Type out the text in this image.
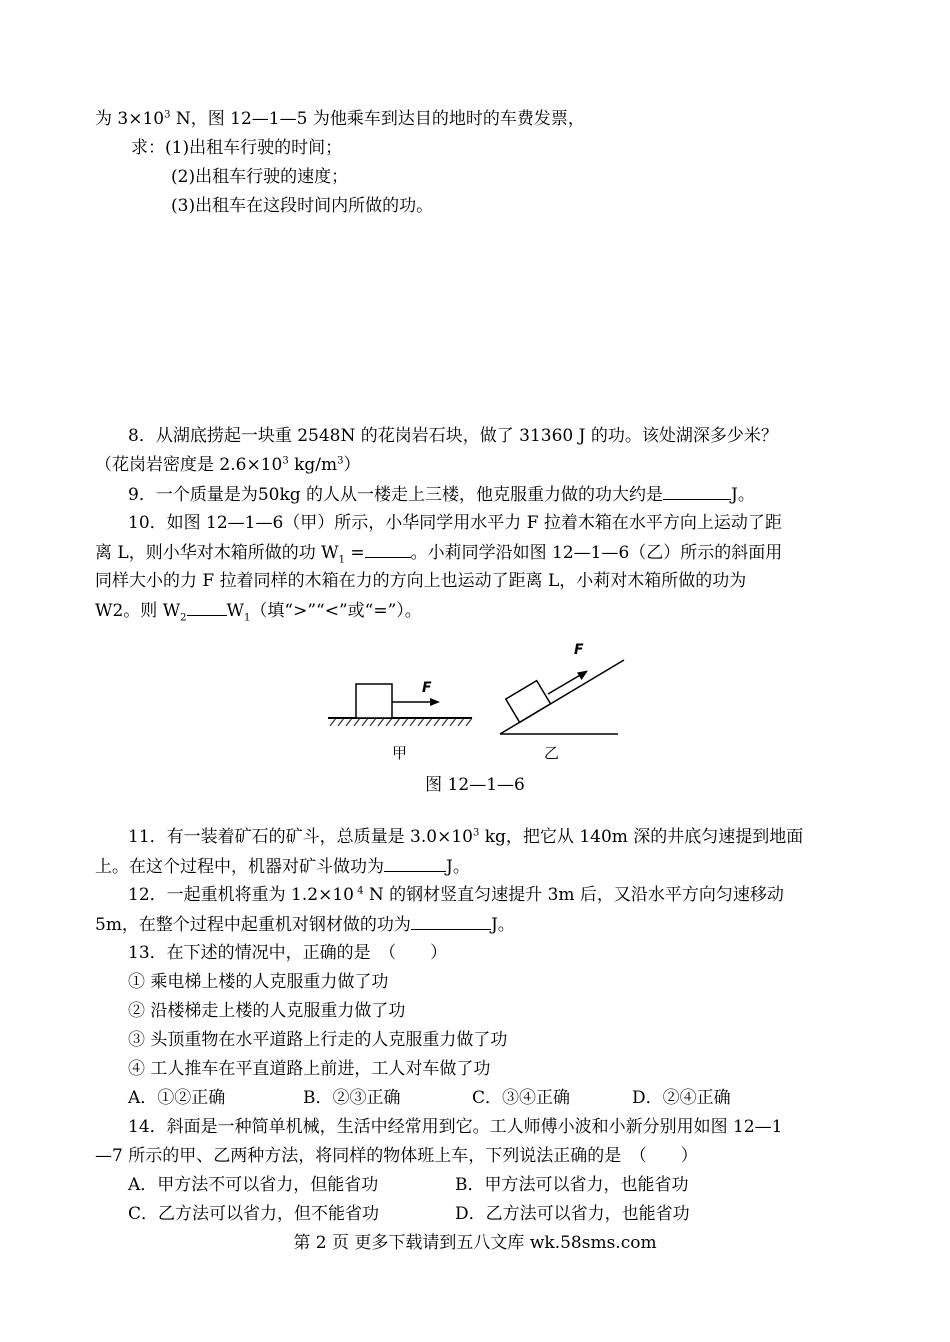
为 $3\times 10^3$ N，图 12—1—5 为他乘车到达目的地时的车费发票，
求：(1)出租车行驶的时间；
(2)出租车行驶的速度；
(3)出租车在这段时间内所做的功。
8．从湖底捞起一块重 2548N 的花岗岩石块，做了 31360 J 的功。该处湖深多少米？
（花岗岩密度是 $2.6\times 10^3$ $kg/m^3$）
9．一个质量是为50kg 的人从一楼走上三楼，他克服重力做的功大约是	J。
10．如图 12—1—6（甲）所示，小华同学用水平力 F 拉着木箱在水平方向上运动了距
离 L，则小华对木箱所做的功 $W_1$ =	。小莉同学沿如图 12—1—6（乙）所示的斜面用
同样大小的力 F 拉着同样的木箱在力的方向上也运动了距离 L，小莉对木箱所做的功为
W2。则 $W_2$ $W_1$（填“>”“<”或“=”）。
F
甲
F
乙
图 12—1—6
11．有一装着矿石的矿斗，总质量是 $3.0\times 10^3$ kg，把它从 140m 深的井底匀速提到地面
上。在这个过程中，机器对矿斗做功为	J。
12．一起重机将重为 1.2×10 $^4$ N 的钢材竖直匀速提升 3m 后，又沿水平方向匀速移动
5m，在整个过程中起重机对钢材做的功为	J。
13．在下述的情况中，正确的是　（　　）
① 乘电梯上楼的人克服重力做了功
② 沿楼梯走上楼的人克服重力做了功
③ 头顶重物在水平道路上行走的人克服重力做了功
④ 工人推车在平直道路上前进，工人对车做了功
A．①②正确	B．②③正确	C．③④正确	D．②④正确
14．斜面是一种简单机械，生活中经常用到它。工人师傅小波和小新分别用如图 12—1
—7 所示的甲、乙两种方法，将同样的物体班上车，下列说法正确的是　（　　）
A．甲方法不可以省力，但能省功	B．甲方法可以省力，也能省功
C．乙方法可以省力，但不能省功	D．乙方法可以省力，也能省功
第 2 页 更多下载请到五八文库 wk.58sms.com
